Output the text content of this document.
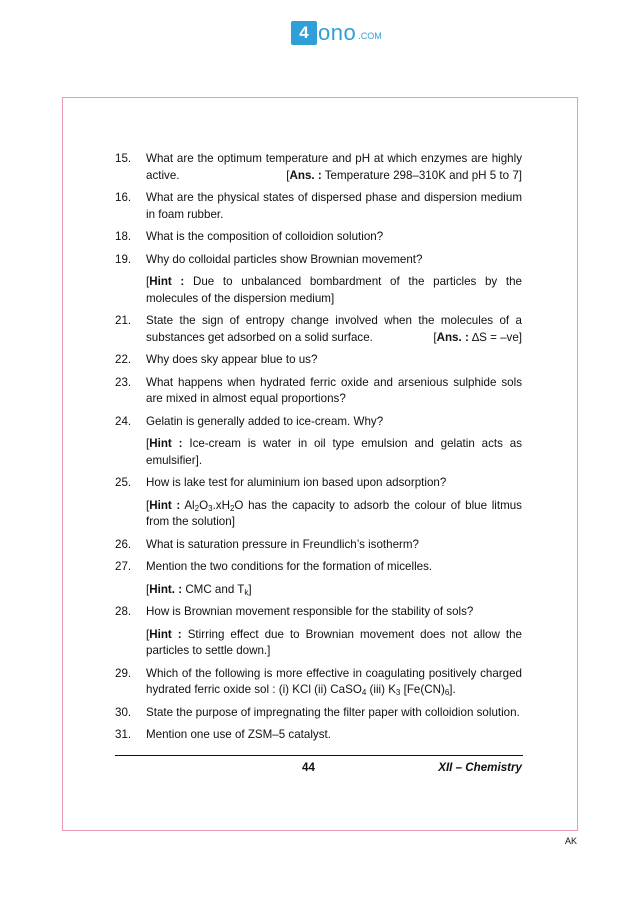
4 ono .COM
15.	What are the optimum temperature and pH at which enzymes are highly active.	[Ans. : Temperature 298–310K and pH 5 to 7]
16.	What are the physical states of dispersed phase and dispersion medium in foam rubber.
18.	What is the composition of colloidion solution?
19.	Why do colloidal particles show Brownian movement?
[Hint : Due to unbalanced bombardment of the particles by the molecules of the dispersion medium]
21.	State the sign of entropy change involved when the molecules of a substances get adsorbed on a solid surface.	[Ans. : ∆S = –ve]
22.	Why does sky appear blue to us?
23.	What happens when hydrated ferric oxide and arsenious sulphide sols are mixed in almost equal proportions?
24.	Gelatin is generally added to ice-cream. Why?
[Hint : Ice-cream is water in oil type emulsion and gelatin acts as emulsifier].
25.	How is lake test for aluminium ion based upon adsorption?
[Hint : $Al_2O_3.xH_2O$ has the capacity to adsorb the colour of blue litmus from the solution]
26.	What is saturation pressure in Freundlich’s isotherm?
27.	Mention the two conditions for the formation of micelles.
[Hint. : CMC and $T_k$]
28.	How is Brownian movement responsible for the stability of sols?
[Hint : Stirring effect due to Brownian movement does not allow the particles to settle down.]
29.	Which of the following is more effective in coagulating positively charged hydrated ferric oxide sol : (i) KCl (ii) CaSO$_4$ (iii) $K_3$ $[Fe(CN)_6]$.
30.	State the purpose of impregnating the filter paper with colloidion solution.
31.	Mention one use of ZSM–5 catalyst.
44	XII – Chemistry
AK
